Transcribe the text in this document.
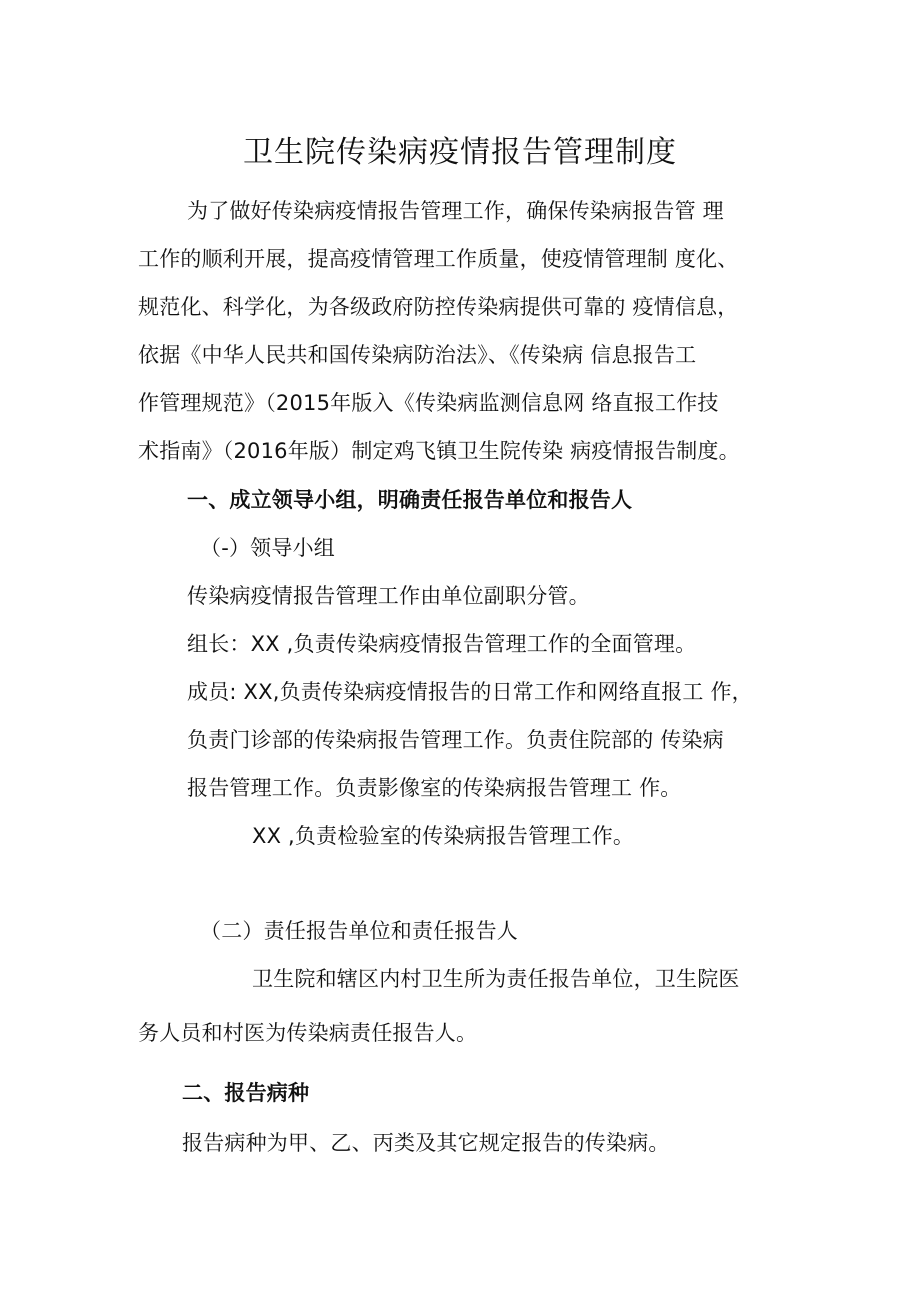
卫生院传染病疫情报告管理制度
为了做好传染病疫情报告管理工作，确保传染病报告管 理
工作的顺利开展，提高疫情管理工作质量，使疫情管理制 度化、
规范化、科学化，为各级政府防控传染病提供可靠的 疫情信息，
依据《中华人民共和国传染病防治法》、《传染病 信息报告工
作管理规范》（2015年版入《传染病监测信息网 络直报工作技
术指南》（2016年版）制定鸡飞镇卫生院传染 病疫情报告制度。
一、成立领导小组，明确责任报告单位和报告人
（-）领导小组
传染病疫情报告管理工作由单位副职分管。
组长：XX ,负责传染病疫情报告管理工作的全面管理。
成员: XX,负责传染病疫情报告的日常工作和网络直报工 作，
负责门诊部的传染病报告管理工作。负责住院部的 传染病
报告管理工作。负责影像室的传染病报告管理工 作。
XX ,负责检验室的传染病报告管理工作。
（二）责任报告单位和责任报告人
卫生院和辖区内村卫生所为责任报告单位，卫生院医
务人员和村医为传染病责任报告人。
二、报告病种
报告病种为甲、乙、丙类及其它规定报告的传染病。
